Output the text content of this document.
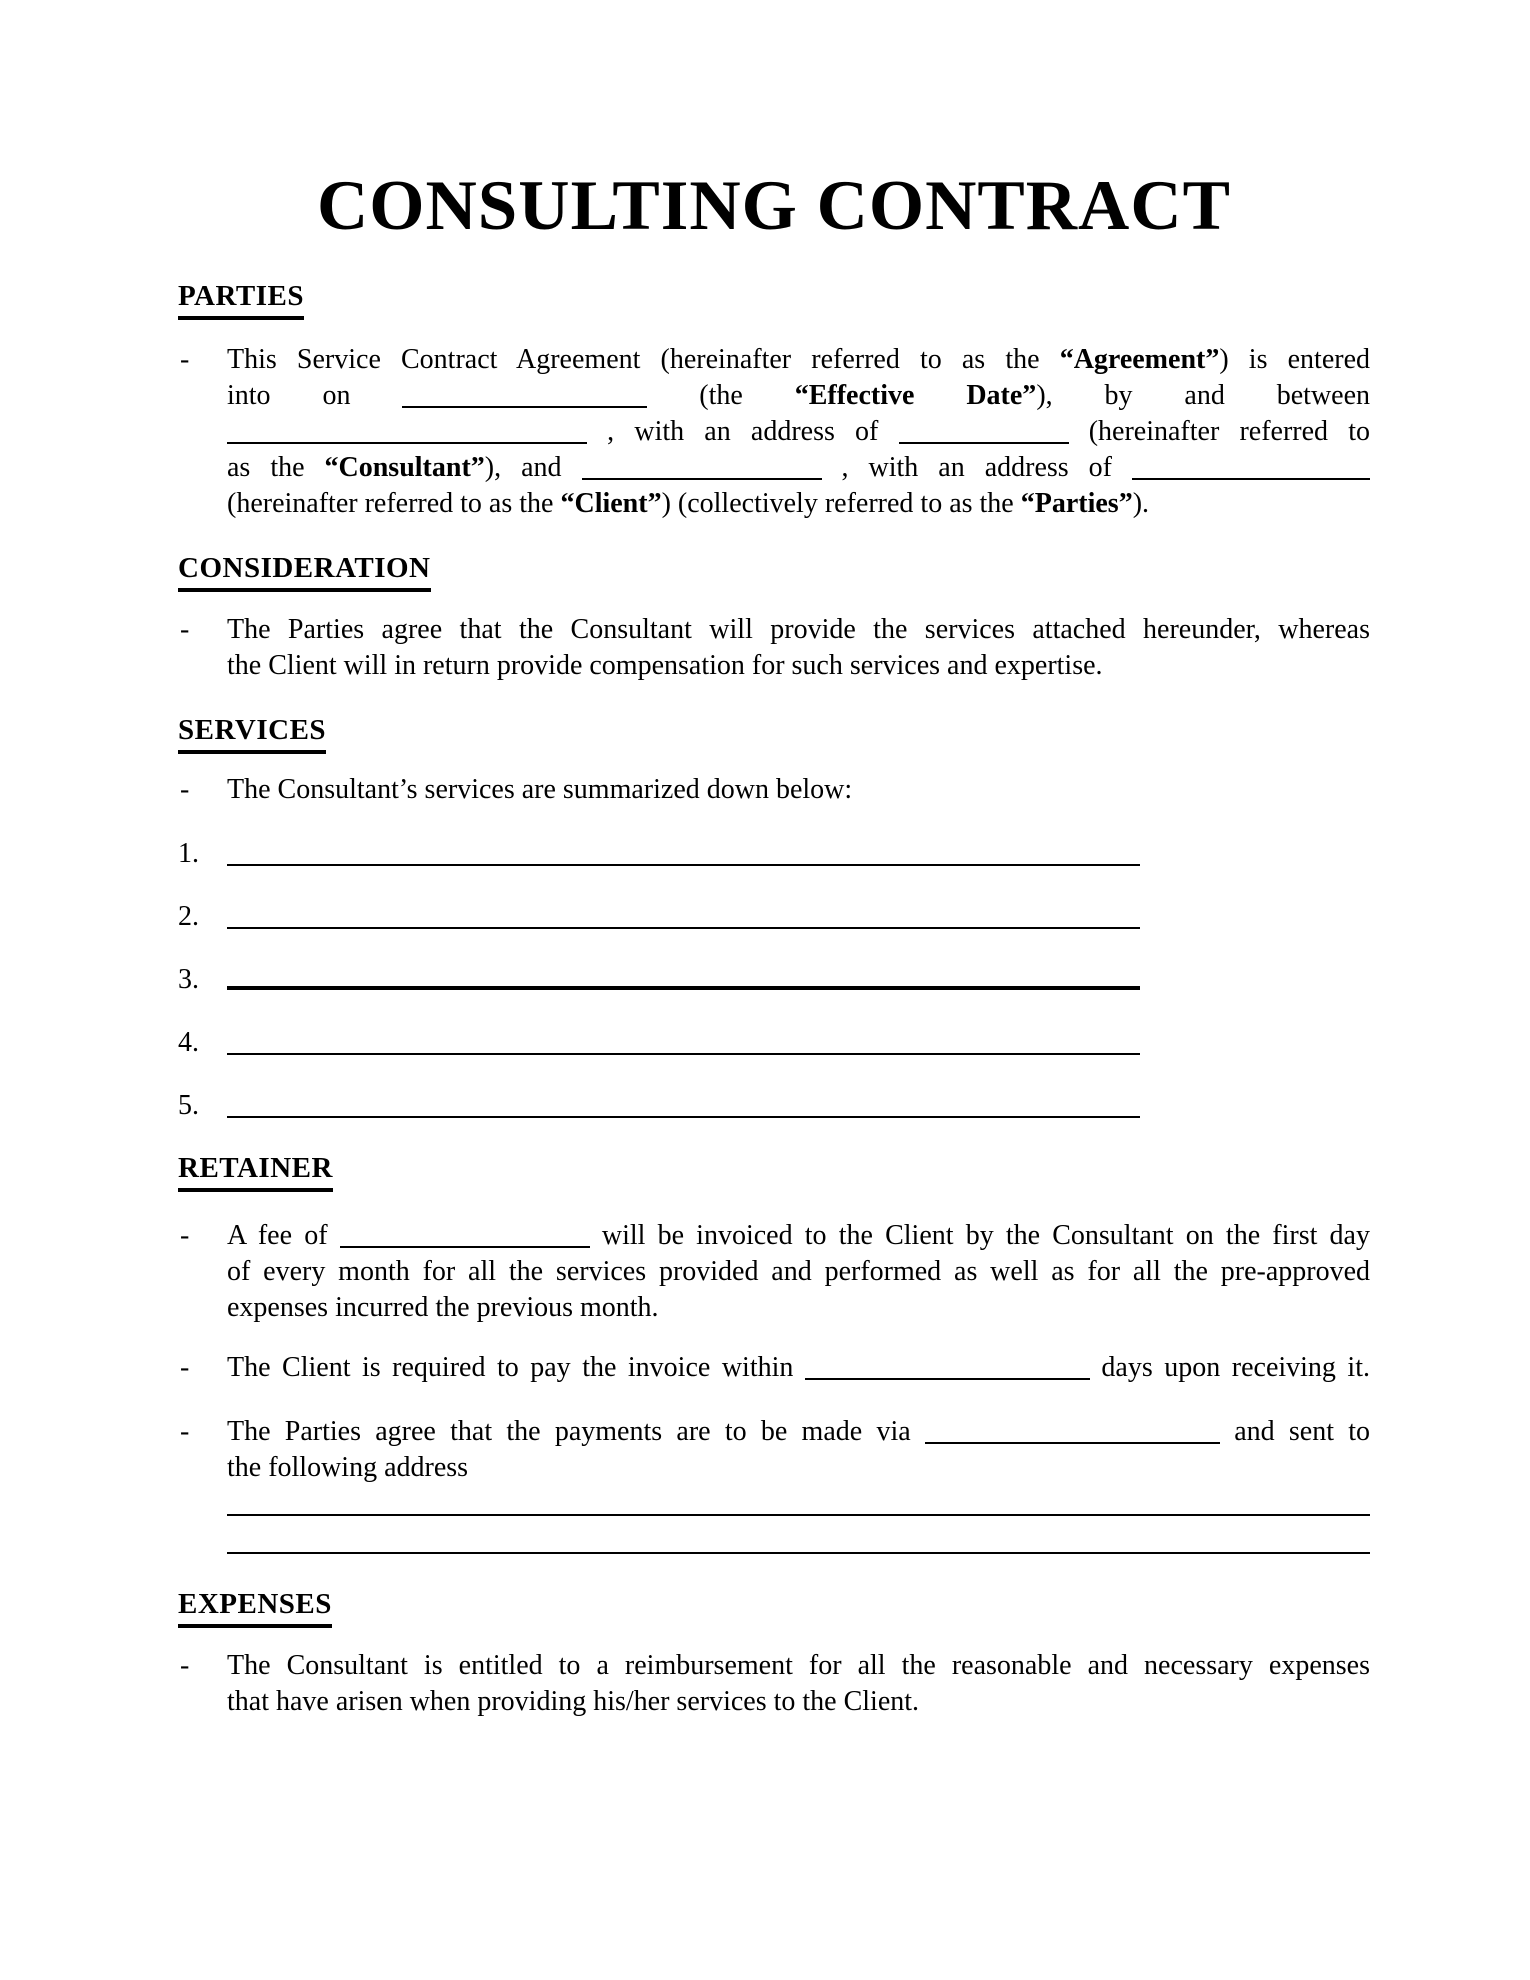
CONSULTING CONTRACT
PARTIES
- This Service Contract Agreement (hereinafter referred to as the “Agreement”) is entered
into on	(the “Effective Date”), by and between
, with an address of	(hereinafter referred to
as the “Consultant”), and	, with an address of
(hereinafter referred to as the “Client”) (collectively referred to as the “Parties”).
CONSIDERATION
- The Parties agree that the Consultant will provide the services attached hereunder, whereas
the Client will in return provide compensation for such services and expertise.
SERVICES
- The Consultant’s services are summarized down below:
1.
2.
3.
4.
5.
RETAINER
- A fee of	will be invoiced to the Client by the Consultant on the first day
of every month for all the services provided and performed as well as for all the pre-approved
expenses incurred the previous month.
- The Client is required to pay the invoice within	days upon receiving it.
- The Parties agree that the payments are to be made via	and sent to
the following address
EXPENSES
- The Consultant is entitled to a reimbursement for all the reasonable and necessary expenses
that have arisen when providing his/her services to the Client.
